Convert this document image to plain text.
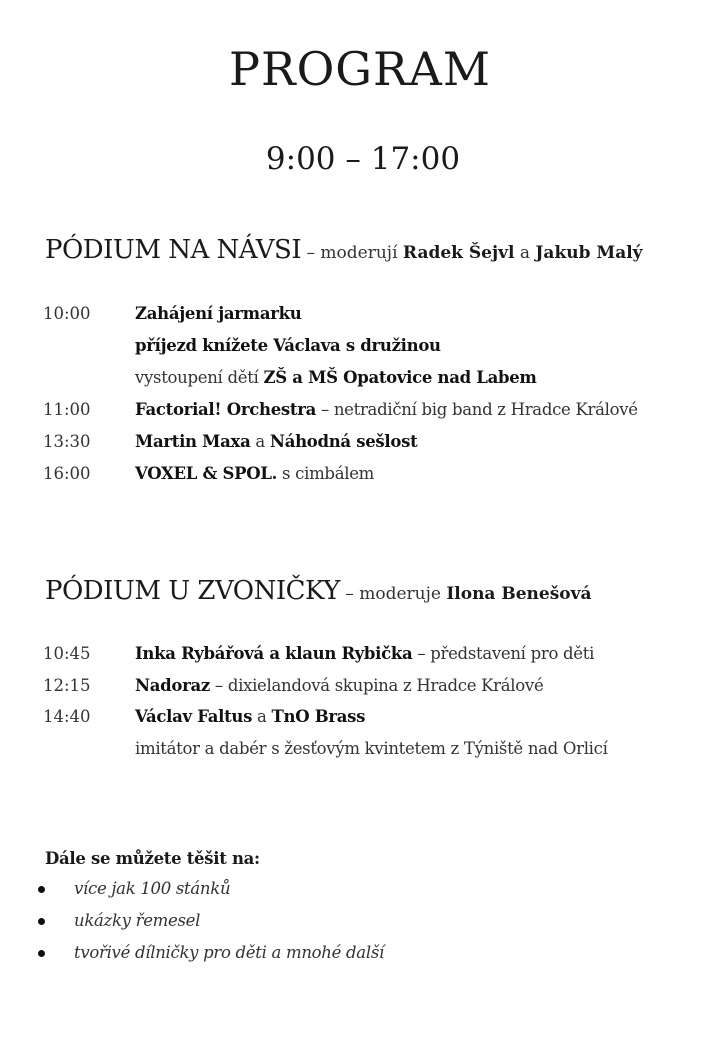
PROGRAM
9:00 – 17:00
PÓDIUM NA NÁVSI – moderují Radek Šejvl a Jakub Malý
10:00	Zahájení jarmarku
příjezd knížete Václava s družinou
vystoupení dětí ZŠ a MŠ Opatovice nad Labem
11:00	Factorial! Orchestra – netradiční big band z Hradce Králové
13:30	Martin Maxa a Náhodná sešlost
16:00	VOXEL & SPOL. s cimbálem
PÓDIUM U ZVONIČKY – moderuje Ilona Benešová
10:45	Inka Rybářová a klaun Rybička – představení pro děti
12:15	Nadoraz – dixielandová skupina z Hradce Králové
14:40	Václav Faltus a TnO Brass
imitátor a dabér s žesťovým kvintetem z Týniště nad Orlicí
Dále se můžete těšit na:
více jak 100 stánků
ukázky řemesel
tvořivé dílničky pro děti a mnohé další
